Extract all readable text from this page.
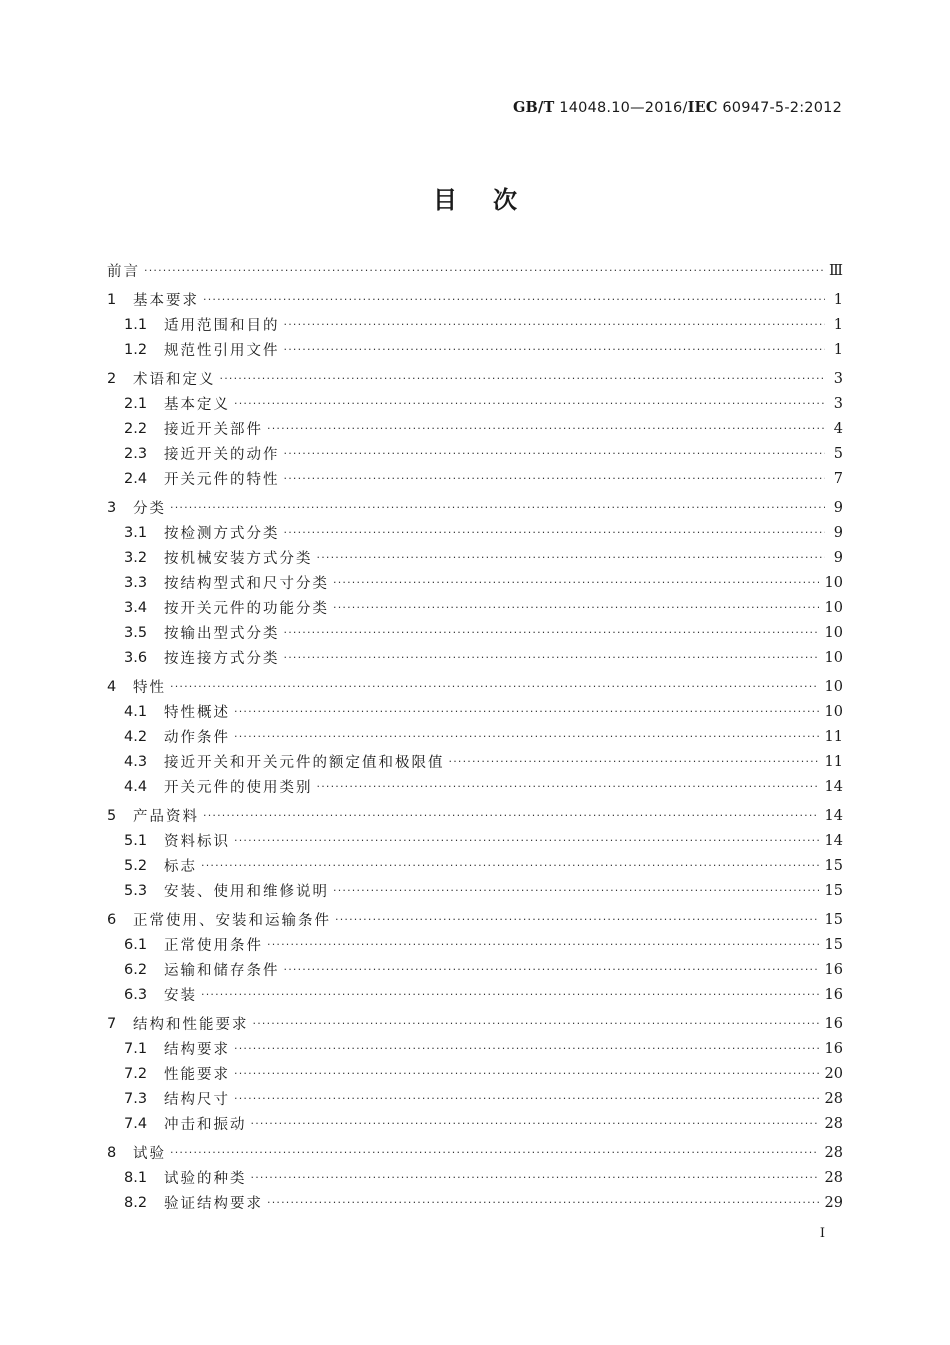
GB/T 14048.10—2016/IEC 60947-5-2:2012
目次
前言 ·····	Ⅲ
1	基本要求 ·····	1
1.1	适用范围和目的 ·····	1
1.2	规范性引用文件 ·····	1
2	术语和定义 ·····	3
2.1	基本定义 ·····	3
2.2	接近开关部件 ·····	4
2.3	接近开关的动作 ·····	5
2.4	开关元件的特性 ·····	7
3	分类 ·····	9
3.1	按检测方式分类 ·····	9
3.2	按机械安装方式分类 ·····	9
3.3	按结构型式和尺寸分类 ·····	10
3.4	按开关元件的功能分类 ·····	10
3.5	按输出型式分类 ·····	10
3.6	按连接方式分类 ·····	10
4	特性 ·····	10
4.1	特性概述 ·····	10
4.2	动作条件 ·····	11
4.3	接近开关和开关元件的额定值和极限值 ·····	11
4.4	开关元件的使用类别 ·····	14
5	产品资料 ·····	14
5.1	资料标识 ·····	14
5.2	标志 ·····	15
5.3	安装、使用和维修说明 ·····	15
6	正常使用、安装和运输条件 ·····	15
6.1	正常使用条件 ·····	15
6.2	运输和储存条件 ·····	16
6.3	安装 ·····	16
7	结构和性能要求 ·····	16
7.1	结构要求 ·····	16
7.2	性能要求 ·····	20
7.3	结构尺寸 ·····	28
7.4	冲击和振动 ·····	28
8	试验 ·····	28
8.1	试验的种类 ·····	28
8.2	验证结构要求 ·····	29
I
